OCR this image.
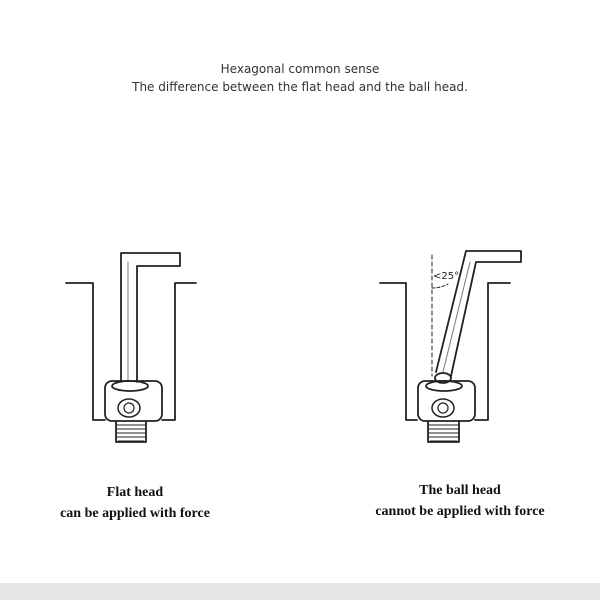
Hexagonal common sense
The difference between the flat head and the ball head.
<25°
Flat head
can be applied with force
The ball head
cannot be applied with force
